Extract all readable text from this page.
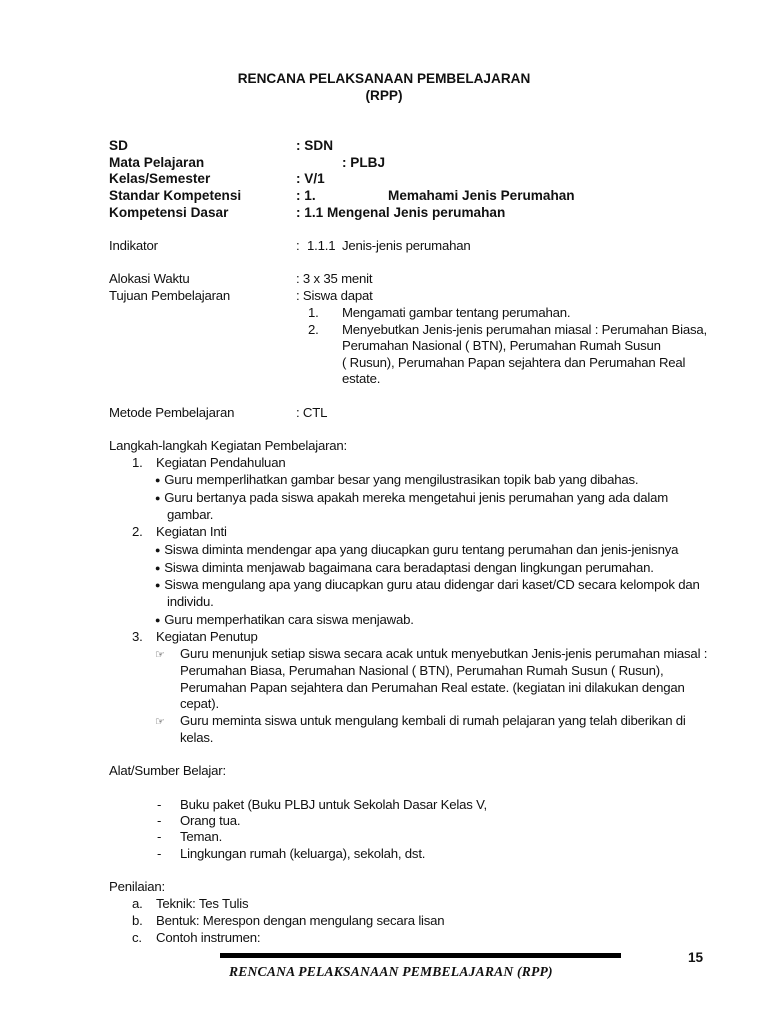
RENCANA PELAKSANAAN PEMBELAJARAN
(RPP)
SD	: SDN
Mata Pelajaran	: PLBJ
Kelas/Semester	: V/1
Standar Kompetensi	: 1.	Memahami Jenis Perumahan
Kompetensi Dasar	: 1.1 Mengenal Jenis perumahan
Indikator	: 1.1.1 Jenis-jenis perumahan
Alokasi Waktu	: 3 x 35 menit
Tujuan Pembelajaran	: Siswa dapat
1. Mengamati gambar tentang perumahan.
2. Menyebutkan Jenis-jenis perumahan miasal : Perumahan Biasa,
Perumahan Nasional ( BTN), Perumahan Rumah Susun
( Rusun), Perumahan Papan sejahtera dan Perumahan Real
estate.
Metode Pembelajaran	: CTL
Langkah-langkah Kegiatan Pembelajaran:
1. Kegiatan Pendahuluan
● Guru memperlihatkan gambar besar yang mengilustrasikan topik bab yang dibahas.
● Guru bertanya pada siswa apakah mereka mengetahui jenis perumahan yang ada dalam
gambar.
2. Kegiatan Inti
● Siswa diminta mendengar apa yang diucapkan guru tentang perumahan dan jenis-jenisnya
● Siswa diminta menjawab bagaimana cara beradaptasi dengan lingkungan perumahan.
● Siswa mengulang apa yang diucapkan guru atau didengar dari kaset/CD secara kelompok dan
individu.
● Guru memperhatikan cara siswa menjawab.
3. Kegiatan Penutup
☞ Guru menunjuk setiap siswa secara acak untuk menyebutkan Jenis-jenis perumahan miasal :
Perumahan Biasa, Perumahan Nasional ( BTN), Perumahan Rumah Susun ( Rusun),
Perumahan Papan sejahtera dan Perumahan Real estate. (kegiatan ini dilakukan dengan
cepat).
☞ Guru meminta siswa untuk mengulang kembali di rumah pelajaran yang telah diberikan di
kelas.
Alat/Sumber Belajar:
- Buku paket (Buku PLBJ untuk Sekolah Dasar Kelas V,
- Orang tua.
- Teman.
- Lingkungan rumah (keluarga), sekolah, dst.
Penilaian:
a. Teknik: Tes Tulis
b. Bentuk: Merespon dengan mengulang secara lisan
c. Contoh instrumen:
15
RENCANA PELAKSANAAN PEMBELAJARAN (RPP)
